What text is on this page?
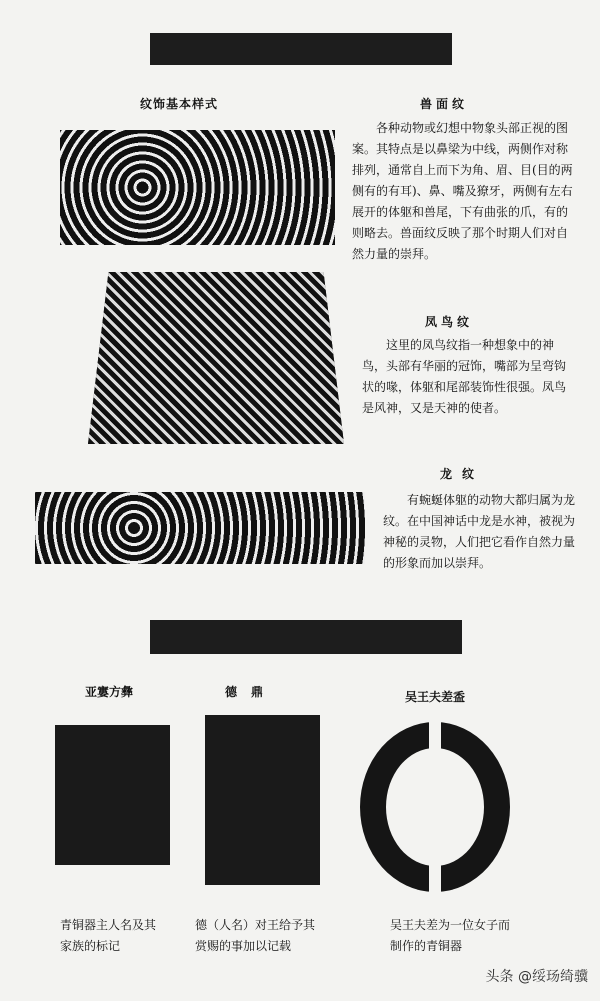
纹饰基本样式	兽面纹
各种动物或幻想中物象头部正视的图案。其特点是以鼻梁为中线，两侧作对称排列，通常自上而下为角、眉、目(目的两侧有的有耳)、鼻、嘴及獠牙，两侧有左右展开的体躯和兽尾，下有曲张的爪，有的则略去。兽面纹反映了那个时期人们对自然力量的崇拜。
凤鸟纹
这里的凤鸟纹指一种想象中的神鸟，头部有华丽的冠饰，嘴部为呈弯钩状的喙，体躯和尾部装饰性很强。凤鸟是风神，又是天神的使者。
龙纹
有蜿蜒体躯的动物大都归属为龙纹。在中国神话中龙是水神，被视为神秘的灵物，人们把它看作自然力量的形象而加以崇拜。
亚寠方彝
青铜器主人名及其家族的标记
德鼎
德（人名）对王给予其赏赐的事加以记载
吴王夫差盉
吴王夫差为一位女子而制作的青铜器
头条 @绥玚绮骥
